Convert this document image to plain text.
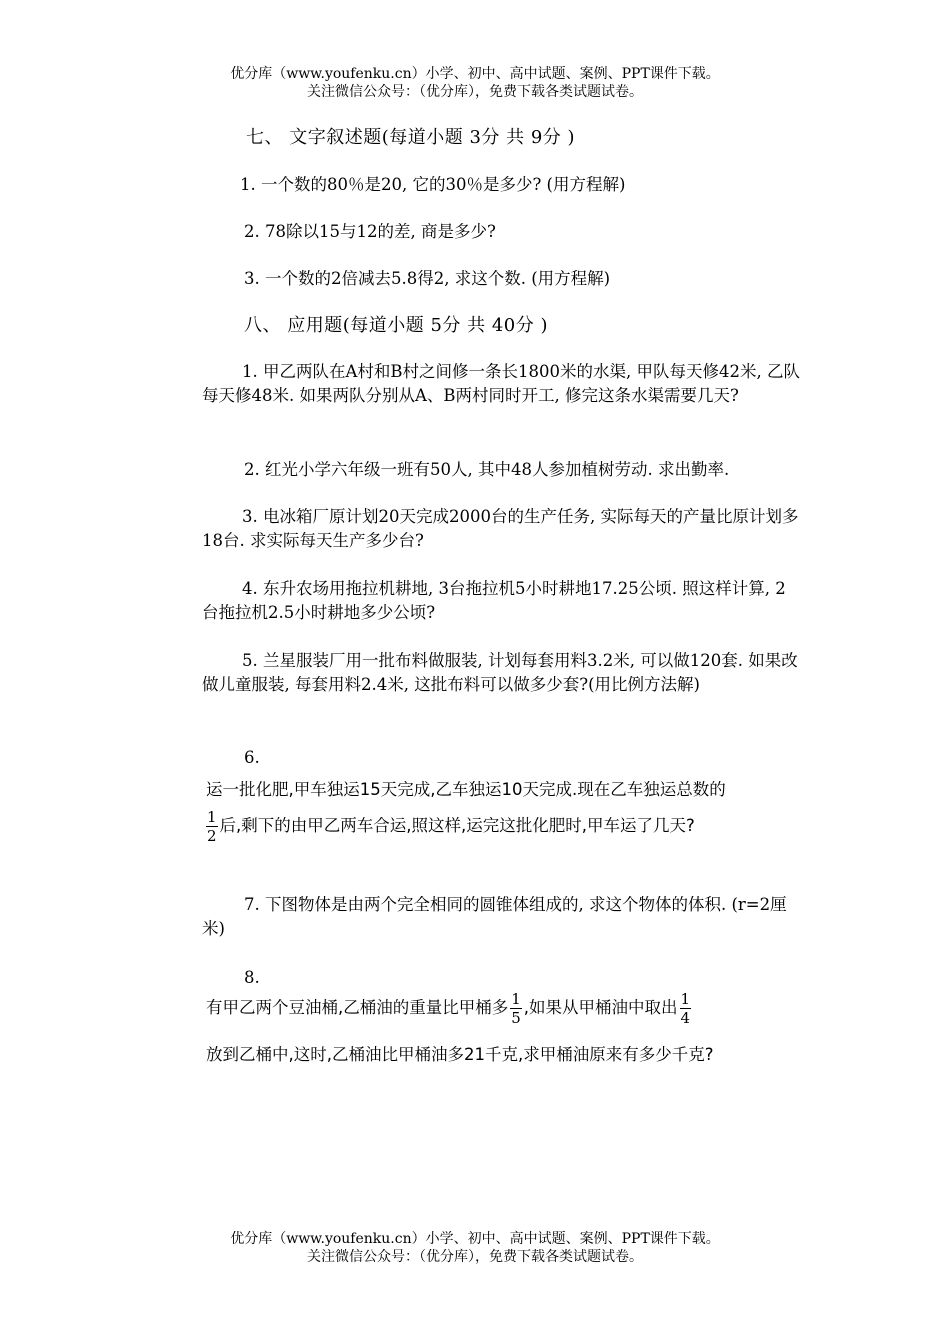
优分库（www.youfenku.cn）小学、初中、高中试题、案例、PPT课件下载。
关注微信公众号：（优分库），免费下载各类试题试卷。
七、 文字叙述题(每道小题 3分 共 9分 )
1. 一个数的80％是20, 它的30％是多少? (用方程解)
2. 78除以15与12的差, 商是多少?
3. 一个数的2倍减去5.8得2, 求这个数. (用方程解)
八、 应用题(每道小题 5分 共 40分 )
1. 甲乙两队在A村和B村之间修一条长1800米的水渠, 甲队每天修42米, 乙队每天修48米. 如果两队分别从A、B两村同时开工, 修完这条水渠需要几天?
2. 红光小学六年级一班有50人, 其中48人参加植树劳动. 求出勤率.
3. 电冰箱厂原计划20天完成2000台的生产任务, 实际每天的产量比原计划多18台. 求实际每天生产多少台?
4. 东升农场用拖拉机耕地, 3台拖拉机5小时耕地17.25公顷. 照这样计算, 2台拖拉机2.5小时耕地多少公顷?
5. 兰星服装厂用一批布料做服装, 计划每套用料3.2米, 可以做120套. 如果改做儿童服装, 每套用料2.4米, 这批布料可以做多少套?(用比例方法解)
6.
运一批化肥,甲车独运15天完成,乙车独运10天完成.现在乙车独运总数的
$\frac{1}{2}$ 后,剩下的由甲乙两车合运,照这样,运完这批化肥时,甲车运了几天?
7. 下图物体是由两个完全相同的圆锥体组成的, 求这个物体的体积. (r=2厘米)
8.
有甲乙两个豆油桶,乙桶油的重量比甲桶多 $\frac{1}{5}$ ,如果从甲桶油中取出 $\frac{1}{4}$
放到乙桶中,这时,乙桶油比甲桶油多21千克,求甲桶油原来有多少千克?
优分库（www.youfenku.cn）小学、初中、高中试题、案例、PPT课件下载。
关注微信公众号：（优分库），免费下载各类试题试卷。
